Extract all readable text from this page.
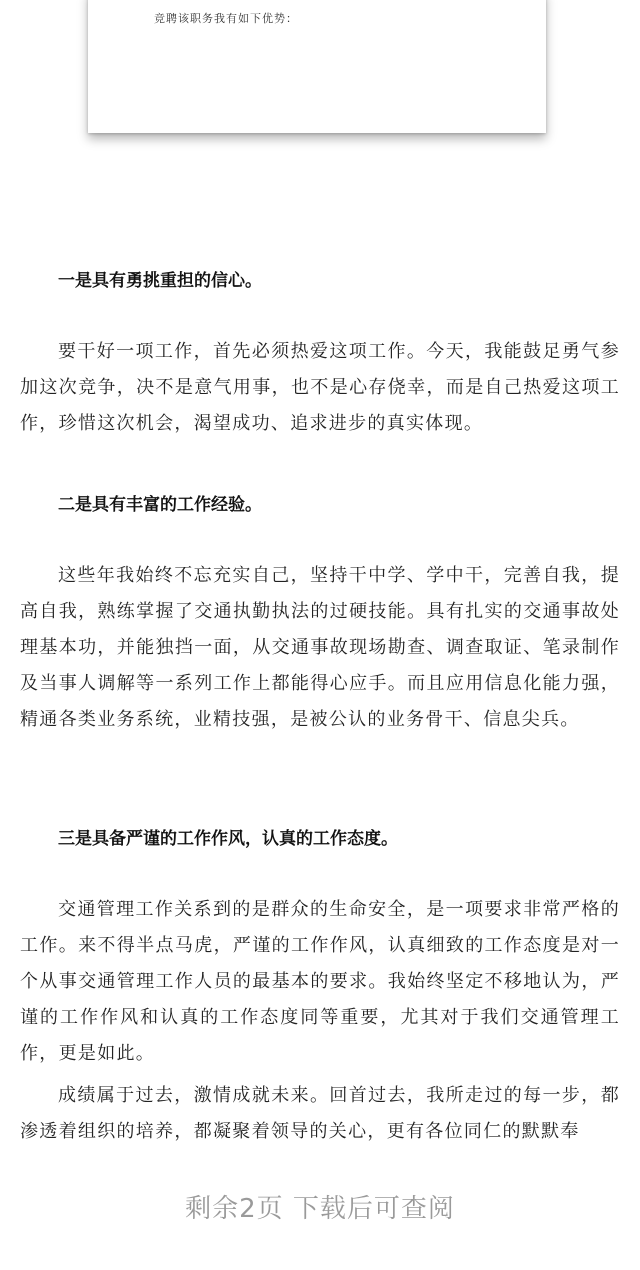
竞聘该职务我有如下优势：
一是具有勇挑重担的信心。

要干好一项工作，首先必须热爱这项工作。今天，我能鼓足勇气参加这次竞争，决不是意气用事，也不是心存侥幸，而是自己热爱这项工作，珍惜这次机会，渴望成功、追求进步的真实体现。

二是具有丰富的工作经验。

这些年我始终不忘充实自己，坚持干中学、学中干，完善自我，提高自我，熟练掌握了交通执勤执法的过硬技能。具有扎实的交通事故处理基本功，并能独挡一面，从交通事故现场勘查、调查取证、笔录制作及当事人调解等一系列工作上都能得心应手。而且应用信息化能力强，精通各类业务系统，业精技强，是被公认的业务骨干、信息尖兵。

三是具备严谨的工作作风，认真的工作态度。

交通管理工作关系到的是群众的生命安全，是一项要求非常严格的工作。来不得半点马虎，严谨的工作作风，认真细致的工作态度是对一个从事交通管理工作人员的最基本的要求。我始终坚定不移地认为，严谨的工作作风和认真的工作态度同等重要，尤其对于我们交通管理工作，更是如此。

成绩属于过去，激情成就未来。回首过去，我所走过的每一步，都渗透着组织的培养，都凝聚着领导的关心，更有各位同仁的默默奉

剩余2页 下载后可查阅
